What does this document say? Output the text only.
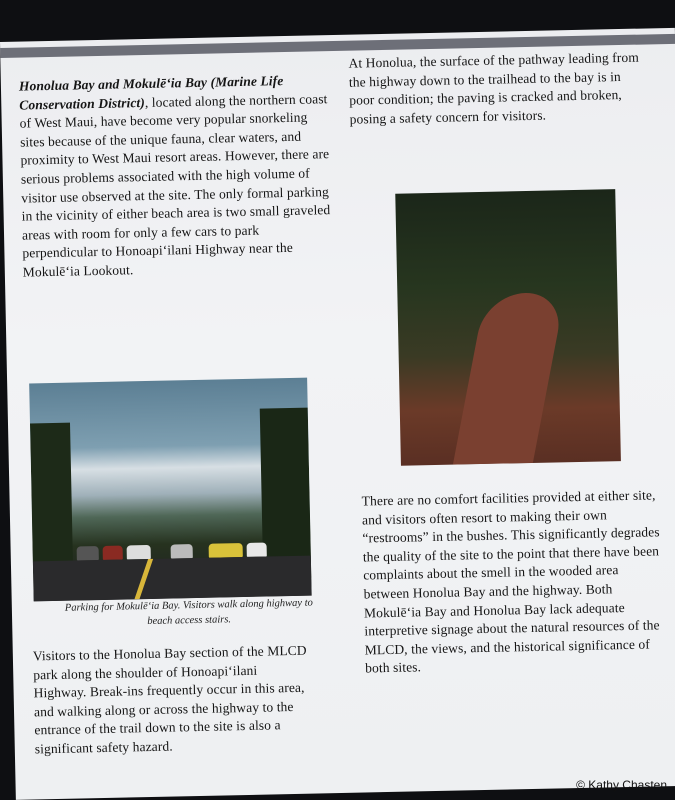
Honolua Bay and Mokulē‘ia Bay (Marine Life Conservation District), located along the northern coast of West Maui, have become very popular snorkeling sites because of the unique fauna, clear waters, and proximity to West Maui resort areas. However, there are serious problems associated with the high volume of visitor use observed at the site. The only formal parking in the vicinity of either beach area is two small graveled areas with room for only a few cars to park perpendicular to Honoapi‘ilani Highway near the Mokulē‘ia Lookout.
Parking for Mokulē‘ia Bay. Visitors walk along highway to beach access stairs.
Visitors to the Honolua Bay section of the MLCD park along the shoulder of Honoapi‘ilani Highway. Break-ins frequently occur in this area, and walking along or across the highway to the entrance of the trail down to the site is also a significant safety hazard.
At Honolua, the surface of the pathway leading from the highway down to the trailhead to the bay is in poor condition; the paving is cracked and broken, posing a safety concern for visitors.
There are no comfort facilities provided at either site, and visitors often resort to making their own “restrooms” in the bushes. This significantly degrades the quality of the site to the point that there have been complaints about the smell in the wooded area between Honolua Bay and the highway. Both Mokulē‘ia Bay and Honolua Bay lack adequate interpretive signage about the natural resources of the MLCD, the views, and the historical significance of both sites.
© Kathy Chasten
